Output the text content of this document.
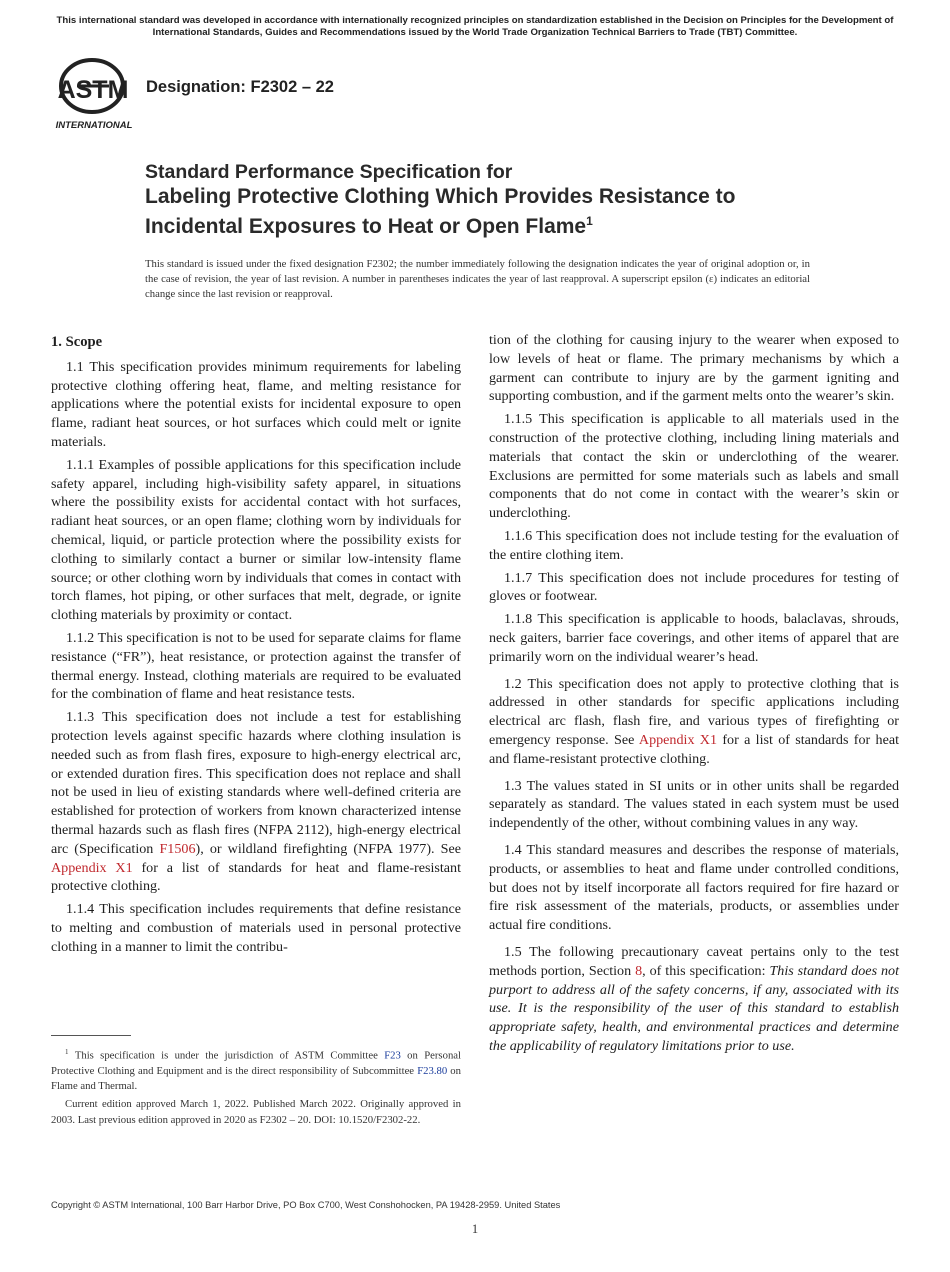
This international standard was developed in accordance with internationally recognized principles on standardization established in the Decision on Principles for the Development of International Standards, Guides and Recommendations issued by the World Trade Organization Technical Barriers to Trade (TBT) Committee.
ASTM
INTERNATIONAL
Designation: F2302 – 22
Standard Performance Specification for
Labeling Protective Clothing Which Provides Resistance to
Incidental Exposures to Heat or Open Flame$^1$
This standard is issued under the fixed designation F2302; the number immediately following the designation indicates the year of original adoption or, in the case of revision, the year of last revision. A number in parentheses indicates the year of last reapproval. A superscript epsilon (ε) indicates an editorial change since the last revision or reapproval.
1. Scope

1.1 This specification provides minimum requirements for labeling protective clothing offering heat, flame, and melting resistance for applications where the potential exists for incidental exposure to open flame, radiant heat sources, or hot surfaces which could melt or ignite materials.

1.1.1 Examples of possible applications for this specification include safety apparel, including high-visibility safety apparel, in situations where the possibility exists for accidental contact with hot surfaces, radiant heat sources, or an open flame; clothing worn by individuals for chemical, liquid, or particle protection where the possibility exists for clothing to similarly contact a burner or similar low-intensity flame source; or other clothing worn by individuals that comes in contact with torch flames, hot piping, or other surfaces that melt, degrade, or ignite clothing materials by proximity or contact.

1.1.2 This specification is not to be used for separate claims for flame resistance (“FR”), heat resistance, or protection against the transfer of thermal energy. Instead, clothing materials are required to be evaluated for the combination of flame and heat resistance tests.

1.1.3 This specification does not include a test for establishing protection levels against specific hazards where clothing insulation is needed such as from flash fires, exposure to high-energy electrical arc, or extended duration fires. This specification does not replace and shall not be used in lieu of existing standards where well-defined criteria are established for protection of workers from known characterized intense thermal hazards such as flash fires (NFPA 2112), high-energy electrical arc (Specification F1506), or wildland firefighting (NFPA 1977). See Appendix X1 for a list of standards for heat and flame-resistant protective clothing.

1.1.4 This specification includes requirements that define resistance to melting and combustion of materials used in personal protective clothing in a manner to limit the contribu-

tion of the clothing for causing injury to the wearer when exposed to low levels of heat or flame. The primary mechanisms by which a garment can contribute to injury are by the garment igniting and supporting combustion, and if the garment melts onto the wearer’s skin.

1.1.5 This specification is applicable to all materials used in the construction of the protective clothing, including lining materials and materials that contact the skin or underclothing of the wearer. Exclusions are permitted for some materials such as labels and small components that do not come in contact with the wearer’s skin or underclothing.

1.1.6 This specification does not include testing for the evaluation of the entire clothing item.

1.1.7 This specification does not include procedures for testing of gloves or footwear.

1.1.8 This specification is applicable to hoods, balaclavas, shrouds, neck gaiters, barrier face coverings, and other items of apparel that are primarily worn on the individual wearer’s head.

1.2 This specification does not apply to protective clothing that is addressed in other standards for specific applications including electrical arc flash, flash fire, and various types of firefighting or emergency response. See Appendix X1 for a list of standards for heat and flame-resistant protective clothing.

1.3 The values stated in SI units or in other units shall be regarded separately as standard. The values stated in each system must be used independently of the other, without combining values in any way.

1.4 This standard measures and describes the response of materials, products, or assemblies to heat and flame under controlled conditions, but does not by itself incorporate all factors required for fire hazard or fire risk assessment of the materials, products, or assemblies under actual fire conditions.

1.5 The following precautionary caveat pertains only to the test methods portion, Section 8, of this specification: This standard does not purport to address all of the safety concerns, if any, associated with its use. It is the responsibility of the user of this standard to establish appropriate safety, health, and environmental practices and determine the applicability of regulatory limitations prior to use.

$^1$ This specification is under the jurisdiction of ASTM Committee F23 on Personal Protective Clothing and Equipment and is the direct responsibility of Subcommittee F23.80 on Flame and Thermal.

Current edition approved March 1, 2022. Published March 2022. Originally approved in 2003. Last previous edition approved in 2020 as F2302 – 20. DOI: 10.1520/F2302-22.

Copyright © ASTM International, 100 Barr Harbor Drive, PO Box C700, West Conshohocken, PA 19428-2959. United States
1
